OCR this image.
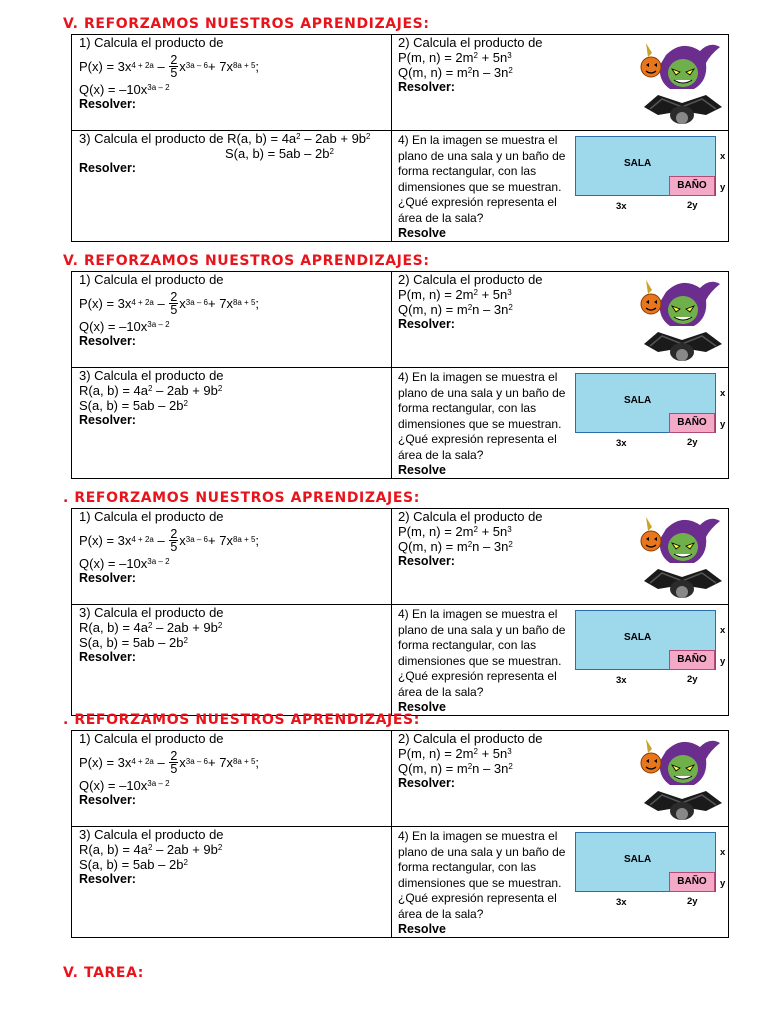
V. REFORZAMOS NUESTROS APRENDIZAJES:
1) Calcula el producto de
P(x) = 3x $4 + 2a - \frac{2}{5}$ x 3a – 6 + 7x 8a + 5 ;
$Q(x) = -10x^{3a - 2}$
Resolver:
2) Calcula el producto de
P(m, $n) = 2m^2 + 5n^3$
Q(m, $n) = m^2n - 3n^2$
Resolver:
3) Calcula el producto de R(a, $b) = 4a^2 - 2ab + 9b^2$
S(a, $b) = 5ab - 2b^2$
Resolver:
4) En la imagen se muestra el
plano de una sala y un baño de
forma rectangular, con las
dimensiones que se muestran.
¿Qué expresión representa el
área de la sala?
Resolve
SALA
BAÑO
x
y
3x	2y
V. REFORZAMOS NUESTROS APRENDIZAJES:
1) Calcula el producto de
P(x) = 3x $4 + 2a - \frac{2}{5}$ x 3a – 6 + 7x 8a + 5 ;
$Q(x) = -10x^{3a - 2}$
Resolver:
2) Calcula el producto de
P(m, $n) = 2m^2 + 5n^3$
Q(m, $n) = m^2n - 3n^2$
Resolver:
3) Calcula el producto de
R(a, $b) = 4a^2 - 2ab + 9b^2$
S(a, $b) = 5ab - 2b^2$
Resolver:
4) En la imagen se muestra el
plano de una sala y un baño de
forma rectangular, con las
dimensiones que se muestran.
¿Qué expresión representa el
área de la sala?
Resolve
SALA
BAÑO
x
y
3x	2y
. REFORZAMOS NUESTROS APRENDIZAJES:
1) Calcula el producto de
P(x) = 3x $4 + 2a - \frac{2}{5}$ x 3a – 6 + 7x 8a + 5 ;
$Q(x) = -10x^{3a - 2}$
Resolver:
2) Calcula el producto de
P(m, $n) = 2m^2 + 5n^3$
Q(m, $n) = m^2n - 3n^2$
Resolver:
3) Calcula el producto de
R(a, $b) = 4a^2 - 2ab + 9b^2$
S(a, $b) = 5ab - 2b^2$
Resolver:
4) En la imagen se muestra el
plano de una sala y un baño de
forma rectangular, con las
dimensiones que se muestran.
¿Qué expresión representa el
área de la sala?
Resolve
SALA
BAÑO
x
y
3x	2y
. REFORZAMOS NUESTROS APRENDIZAJES:
1) Calcula el producto de
P(x) = 3x $4 + 2a - \frac{2}{5}$ x 3a – 6 + 7x 8a + 5 ;
$Q(x) = -10x^{3a - 2}$
Resolver:
2) Calcula el producto de
P(m, $n) = 2m^2 + 5n^3$
Q(m, $n) = m^2n - 3n^2$
Resolver:
3) Calcula el producto de
R(a, $b) = 4a^2 - 2ab + 9b^2$
S(a, $b) = 5ab - 2b^2$
Resolver:
4) En la imagen se muestra el
plano de una sala y un baño de
forma rectangular, con las
dimensiones que se muestran.
¿Qué expresión representa el
área de la sala?
Resolve
SALA
BAÑO
x
y
3x	2y
V. TAREA:
